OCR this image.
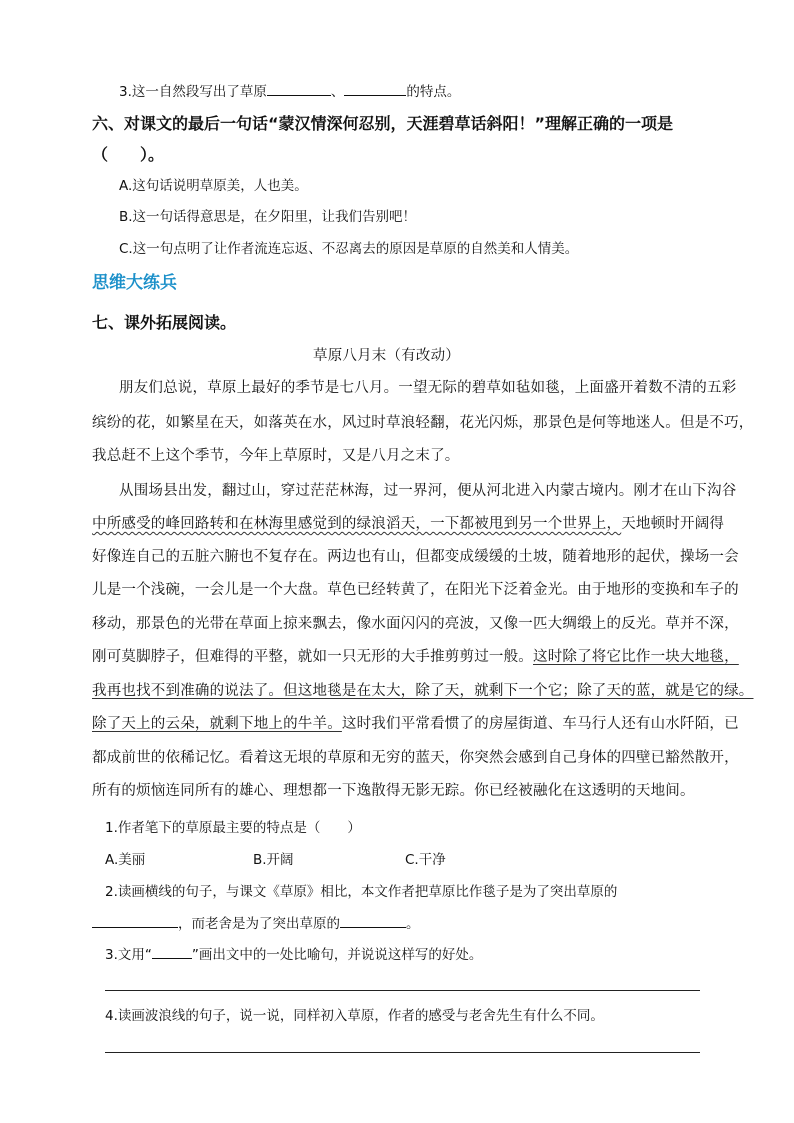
3.这一自然段写出了草原	、	的特点。
六、对课文的最后一句话“蒙汉情深何忍别，天涯碧草话斜阳！”理解正确的一项是
（　　）。
A.这句话说明草原美，人也美。
B.这一句话得意思是，在夕阳里，让我们告别吧！
C.这一句点明了让作者流连忘返、不忍离去的原因是草原的自然美和人情美。
思维大练兵
七、课外拓展阅读。
草原八月末（有改动）
朋友们总说，草原上最好的季节是七八月。一望无际的碧草如毡如毯，上面盛开着数不清的五彩
缤纷的花，如繁星在天，如落英在水，风过时草浪轻翻，花光闪烁，那景色是何等地迷人。但是不巧，
我总赶不上这个季节，今年上草原时，又是八月之末了。
从围场县出发，翻过山，穿过茫茫林海，过一界河，便从河北进入内蒙古境内。刚才在山下沟谷
中所感受的峰回路转和在林海里感觉到的绿浪滔天，一下都被甩到另一个世界上，天地顿时开阔得
好像连自己的五脏六腑也不复存在。两边也有山，但都变成缓缓的土坡，随着地形的起伏，操场一会
儿是一个浅碗，一会儿是一个大盘。草色已经转黄了，在阳光下泛着金光。由于地形的变换和车子的
移动，那景色的光带在草面上掠来飘去，像水面闪闪的亮波，又像一匹大绸缎上的反光。草并不深，
刚可莫脚脖子，但难得的平整，就如一只无形的大手推剪剪过一般。这时除了将它比作一块大地毯，
我再也找不到准确的说法了。但这地毯是在太大，除了天，就剩下一个它；除了天的蓝，就是它的绿。
除了天上的云朵，就剩下地上的牛羊。这时我们平常看惯了的房屋街道、车马行人还有山水阡陌，已
都成前世的依稀记忆。看着这无垠的草原和无穷的蓝天，你突然会感到自己身体的四壁已豁然散开，
所有的烦恼连同所有的雄心、理想都一下逸散得无影无踪。你已经被融化在这透明的天地间。
1.作者笔下的草原最主要的特点是（　　）
A.美丽	B.开阔	C.干净
2.读画横线的句子，与课文《草原》相比，本文作者把草原比作毯子是为了突出草原的
，而老舍是为了突出草原的	。
3.文用“	”画出文中的一处比喻句，并说说这样写的好处。
4.读画波浪线的句子，说一说，同样初入草原，作者的感受与老舍先生有什么不同。
